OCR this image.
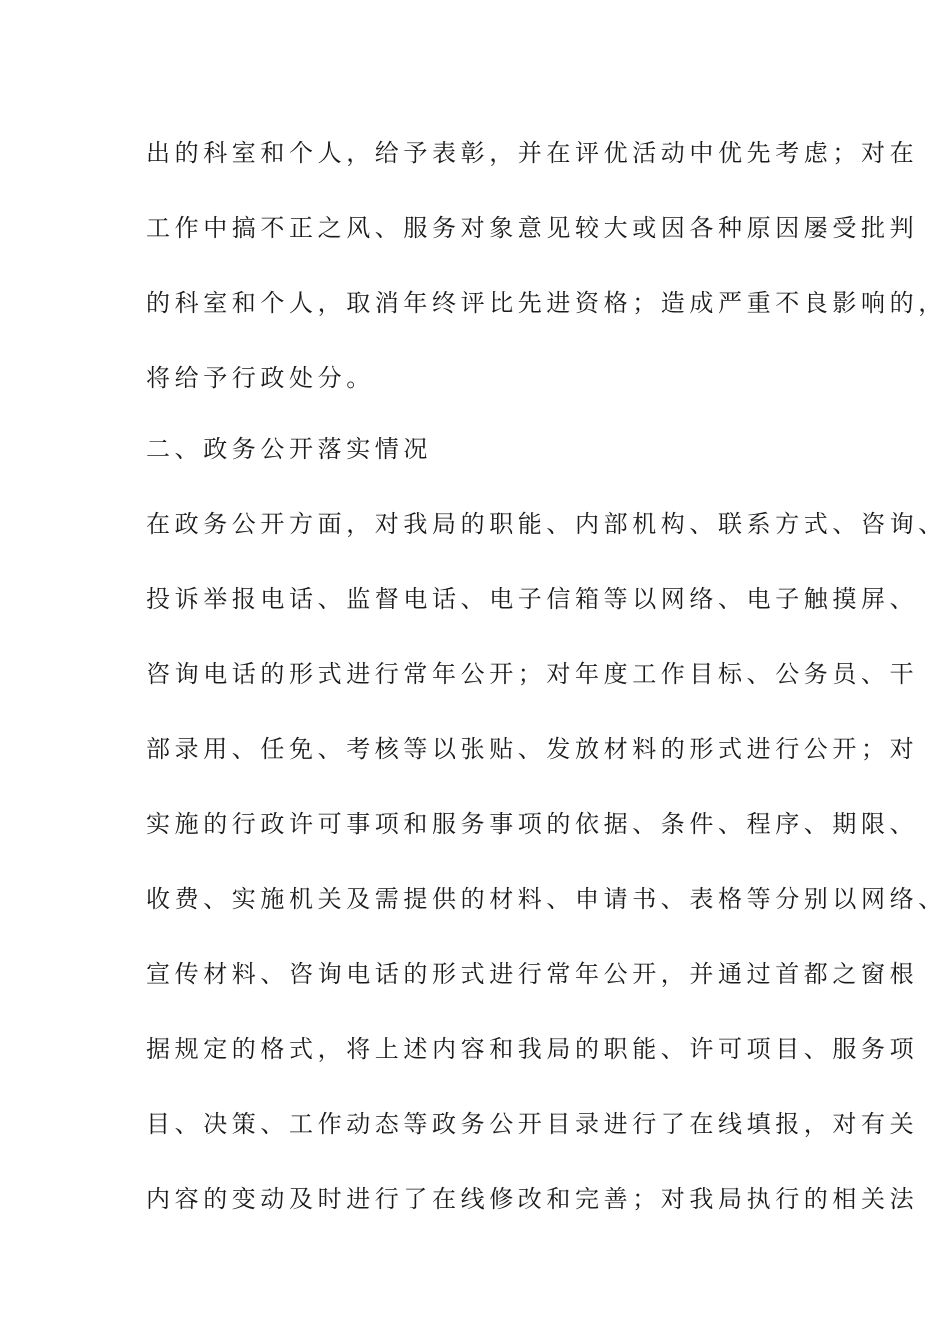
出的科室和个人，给予表彰，并在评优活动中优先考虑；对在
工作中搞不正之风、服务对象意见较大或因各种原因屡受批判
的科室和个人，取消年终评比先进资格；造成严重不良影响的，
将给予行政处分。
二、政务公开落实情况
在政务公开方面，对我局的职能、内部机构、联系方式、咨询、
投诉举报电话、监督电话、电子信箱等以网络、电子触摸屏、
咨询电话的形式进行常年公开；对年度工作目标、公务员、干
部录用、任免、考核等以张贴、发放材料的形式进行公开；对
实施的行政许可事项和服务事项的依据、条件、程序、期限、
收费、实施机关及需提供的材料、申请书、表格等分别以网络、
宣传材料、咨询电话的形式进行常年公开，并通过首都之窗根
据规定的格式，将上述内容和我局的职能、许可项目、服务项
目、决策、工作动态等政务公开目录进行了在线填报，对有关
内容的变动及时进行了在线修改和完善；对我局执行的相关法
